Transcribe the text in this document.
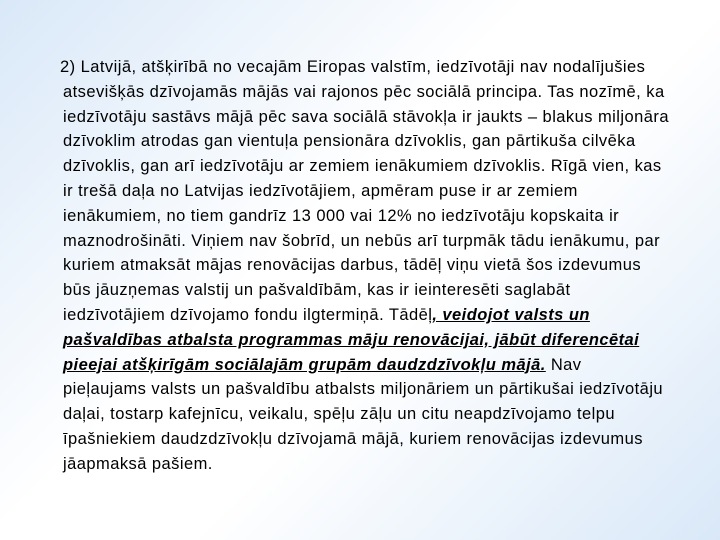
2) Latvijā, atšķirībā no vecajām Eiropas valstīm, iedzīvotāji nav nodalījušies
atsevišķās dzīvojamās mājās vai rajonos pēc sociālā principa. Tas nozīmē, ka
iedzīvotāju sastāvs mājā pēc sava sociālā stāvokļa ir jaukts – blakus miljonāra
dzīvoklim atrodas gan vientuļa pensionāra dzīvoklis, gan pārtikuša cilvēka
dzīvoklis, gan arī iedzīvotāju ar zemiem ienākumiem dzīvoklis. Rīgā vien, kas
ir trešā daļa no Latvijas iedzīvotājiem, apmēram puse ir ar zemiem
ienākumiem, no tiem gandrīz 13 000 vai 12% no iedzīvotāju kopskaita ir
maznodrošināti. Viņiem nav šobrīd, un nebūs arī turpmāk tādu ienākumu, par
kuriem atmaksāt mājas renovācijas darbus, tādēļ viņu vietā šos izdevumus
būs jāuzņemas valstij un pašvaldībām, kas ir ieinteresēti saglabāt
iedzīvotājiem dzīvojamo fondu ilgtermiņā. Tādēļ, veidojot valsts un
pašvaldības atbalsta programmas māju renovācijai, jābūt diferencētai
pieejai atšķirīgām sociālajām grupām daudzdzīvokļu mājā. Nav
pieļaujams valsts un pašvaldību atbalsts miljonāriem un pārtikušai iedzīvotāju
daļai, tostarp kafejnīcu, veikalu, spēļu zāļu un citu neapdzīvojamo telpu
īpašniekiem daudzdzīvokļu dzīvojamā mājā, kuriem renovācijas izdevumus
jāapmaksā pašiem.
